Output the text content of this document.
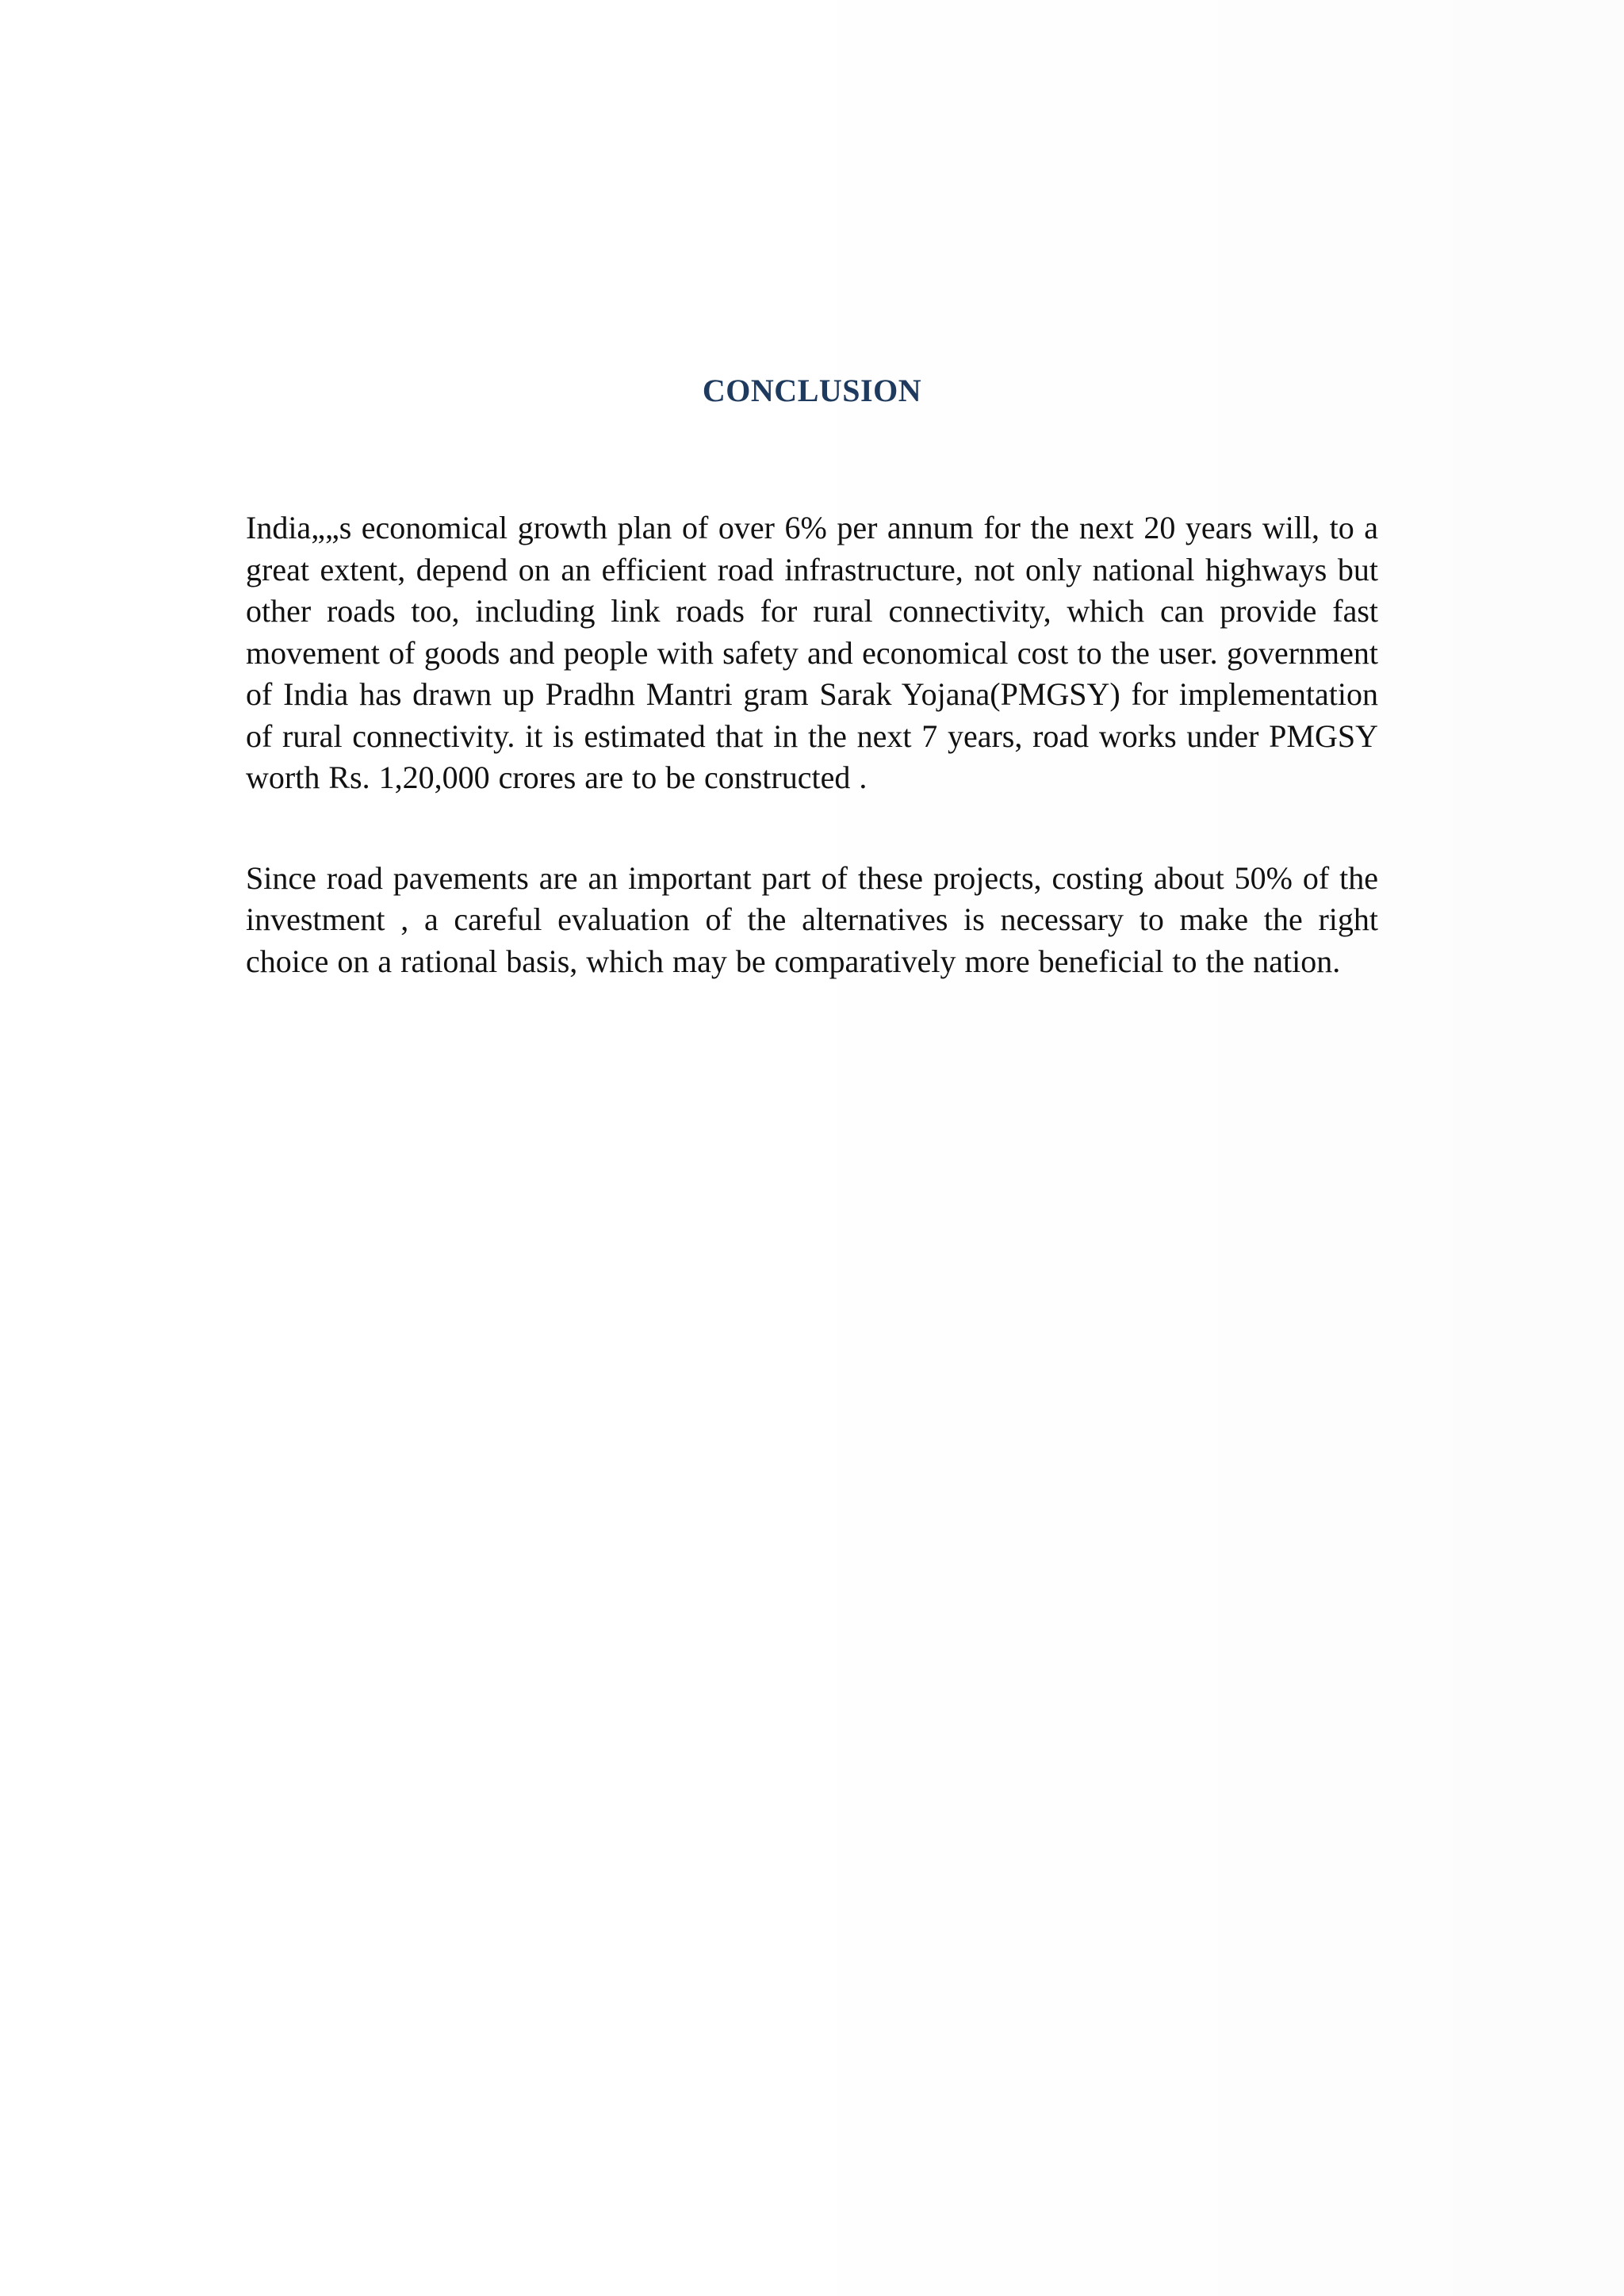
CONCLUSION

India„„s economical growth plan of over 6% per annum for the next 20 years will, to a great extent, depend on an efficient road infrastructure, not only national highways but other roads too, including link roads for rural connectivity, which can provide fast movement of goods and people with safety and economical cost to the user. government of India has drawn up Pradhn Mantri gram Sarak Yojana(PMGSY) for implementation of rural connectivity. it is estimated that in the next 7 years, road works under PMGSY worth Rs. 1,20,000 crores are to be constructed .

Since road pavements are an important part of these projects, costing about 50% of the investment , a careful evaluation of the alternatives is necessary to make the right choice on a rational basis, which may be comparatively more beneficial to the nation.
